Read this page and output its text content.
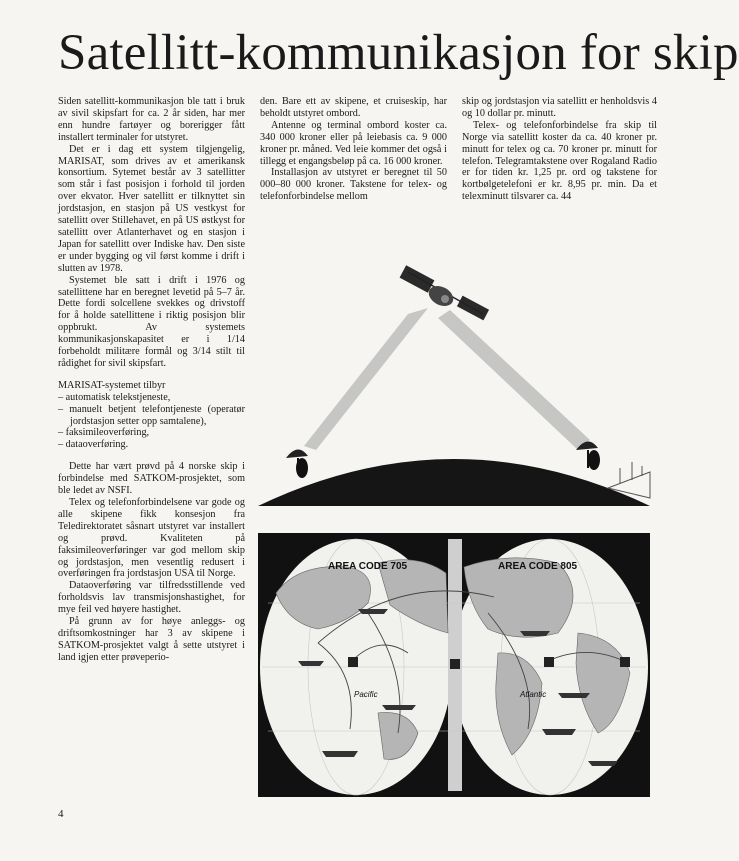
Satellitt-kommunikasjon for skip

Siden satellitt-kommunikasjon ble tatt i bruk av sivil skipsfart for ca. 2 år siden, har mer enn hundre fartøyer og borerigger fått installert terminaler for utstyret.

Det er i dag ett system tilgjengelig, MARISAT, som drives av et amerikansk konsortium. Sytemet består av 3 satellitter som står i fast posisjon i forhold til jorden over ekvator. Hver satellitt er tilknyttet sin jordstasjon, en stasjon på US vestkyst for satellitt over Stillehavet, en på US østkyst for satellitt over Atlanterhavet og en stasjon i Japan for satellitt over Indiske hav. Den siste er under bygging og vil først komme i drift i slutten av 1978.

Systemet ble satt i drift i 1976 og satellittene har en beregnet levetid på 5–7 år. Dette fordi solcellene svekkes og drivstoff for å holde satellittene i riktig posisjon blir oppbrukt. Av systemets kommunikasjonskapasitet er i 1/14 forbeholdt militære formål og 3/14 stilt til rådighet for sivil skipsfart.

MARISAT-systemet tilbyr

– automatisk telekstjeneste,
– manuelt betjent telefontjeneste (operatør jordstasjon setter opp samtalene),
– faksimileoverføring,
– dataoverføring.

Dette har vært prøvd på 4 norske skip i forbindelse med SATKOM-prosjektet, som ble ledet av NSFI.

Telex og telefonforbindelsene var gode og alle skipene fikk konsesjon fra Teledirektoratet såsnart utstyret var installert og prøvd. Kvaliteten på faksimileoverføringer var god mellom skip og jordstasjon, men vesentlig redusert i overføringen fra jordstasjon USA til Norge.

Dataoverføring var tilfredsstillende ved forholdsvis lav transmisjonshastighet, for mye feil ved høyere hastighet.

På grunn av for høye anleggs- og driftsomkostninger har 3 av skipene i SATKOM-prosjektet valgt å sette utstyret i land igjen etter prøveperio-

den. Bare ett av skipene, et cruiseskip, har beholdt utstyret ombord.

Antenne og terminal ombord koster ca. 340 000 kroner eller på leiebasis ca. 9 000 kroner pr. måned. Ved leie kommer det også i tillegg et engangsbeløp på ca. 16 000 kroner.

Installasjon av utstyret er beregnet til 50 000–80 000 kroner. Takstene for telex- og telefonforbindelse mellom

skip og jordstasjon via satellitt er henholdsvis 4 og 10 dollar pr. minutt.

Telex- og telefonforbindelse fra skip til Norge via satellitt koster da ca. 40 kroner pr. minutt for telex og ca. 70 kroner pr. minutt for telefon. Telegramtakstene over Rogaland Radio er for tiden kr. 1,25 pr. ord og takstene for kortbølgetelefoni er kr. 8,95 pr. min. Da et telexminutt tilsvarer ca. 44

AREA CODE 705	AREA CODE 805
Pacific	Atlantic
4
